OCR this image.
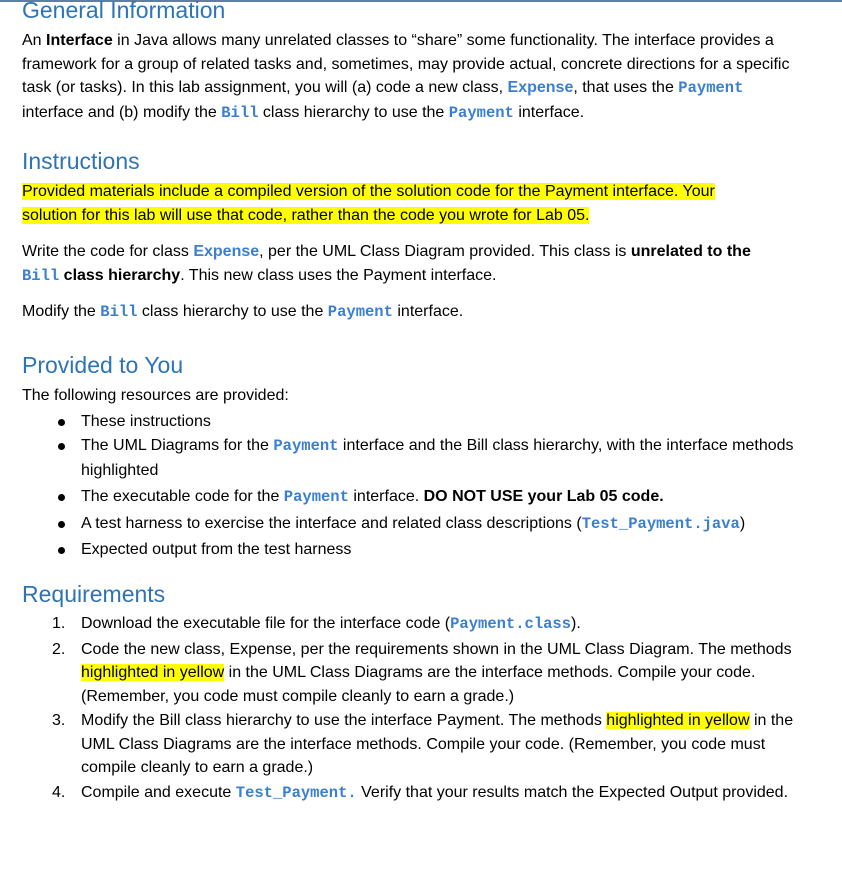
General Information

An Interface in Java allows many unrelated classes to “share” some functionality. The interface provides a framework for a group of related tasks and, sometimes, may provide actual, concrete directions for a specific task (or tasks). In this lab assignment, you will (a) code a new class, Expense, that uses the Payment interface and (b) modify the Bill class hierarchy to use the Payment interface.

Instructions

Provided materials include a compiled version of the solution code for the Payment interface. Your
solution for this lab will use that code, rather than the code you wrote for Lab 05.

Write the code for class Expense, per the UML Class Diagram provided. This class is unrelated to the
Bill class hierarchy. This new class uses the Payment interface.

Modify the Bill class hierarchy to use the Payment interface.

Provided to You

The following resources are provided:

These instructions
The UML Diagrams for the Payment interface and the Bill class hierarchy, with the interface methods highlighted
The executable code for the Payment interface. DO NOT USE your Lab 05 code.
A test harness to exercise the interface and related class descriptions (Test_Payment.java)
Expected output from the test harness
Requirements
1. Download the executable file for the interface code (Payment.class).
2. Code the new class, Expense, per the requirements shown in the UML Class Diagram. The methods highlighted in yellow in the UML Class Diagrams are the interface methods. Compile your code. (Remember, you code must compile cleanly to earn a grade.)
3. Modify the Bill class hierarchy to use the interface Payment. The methods highlighted in yellow in the UML Class Diagrams are the interface methods. Compile your code. (Remember, you code must compile cleanly to earn a grade.)
4. Compile and execute Test_Payment. Verify that your results match the Expected Output provided.
